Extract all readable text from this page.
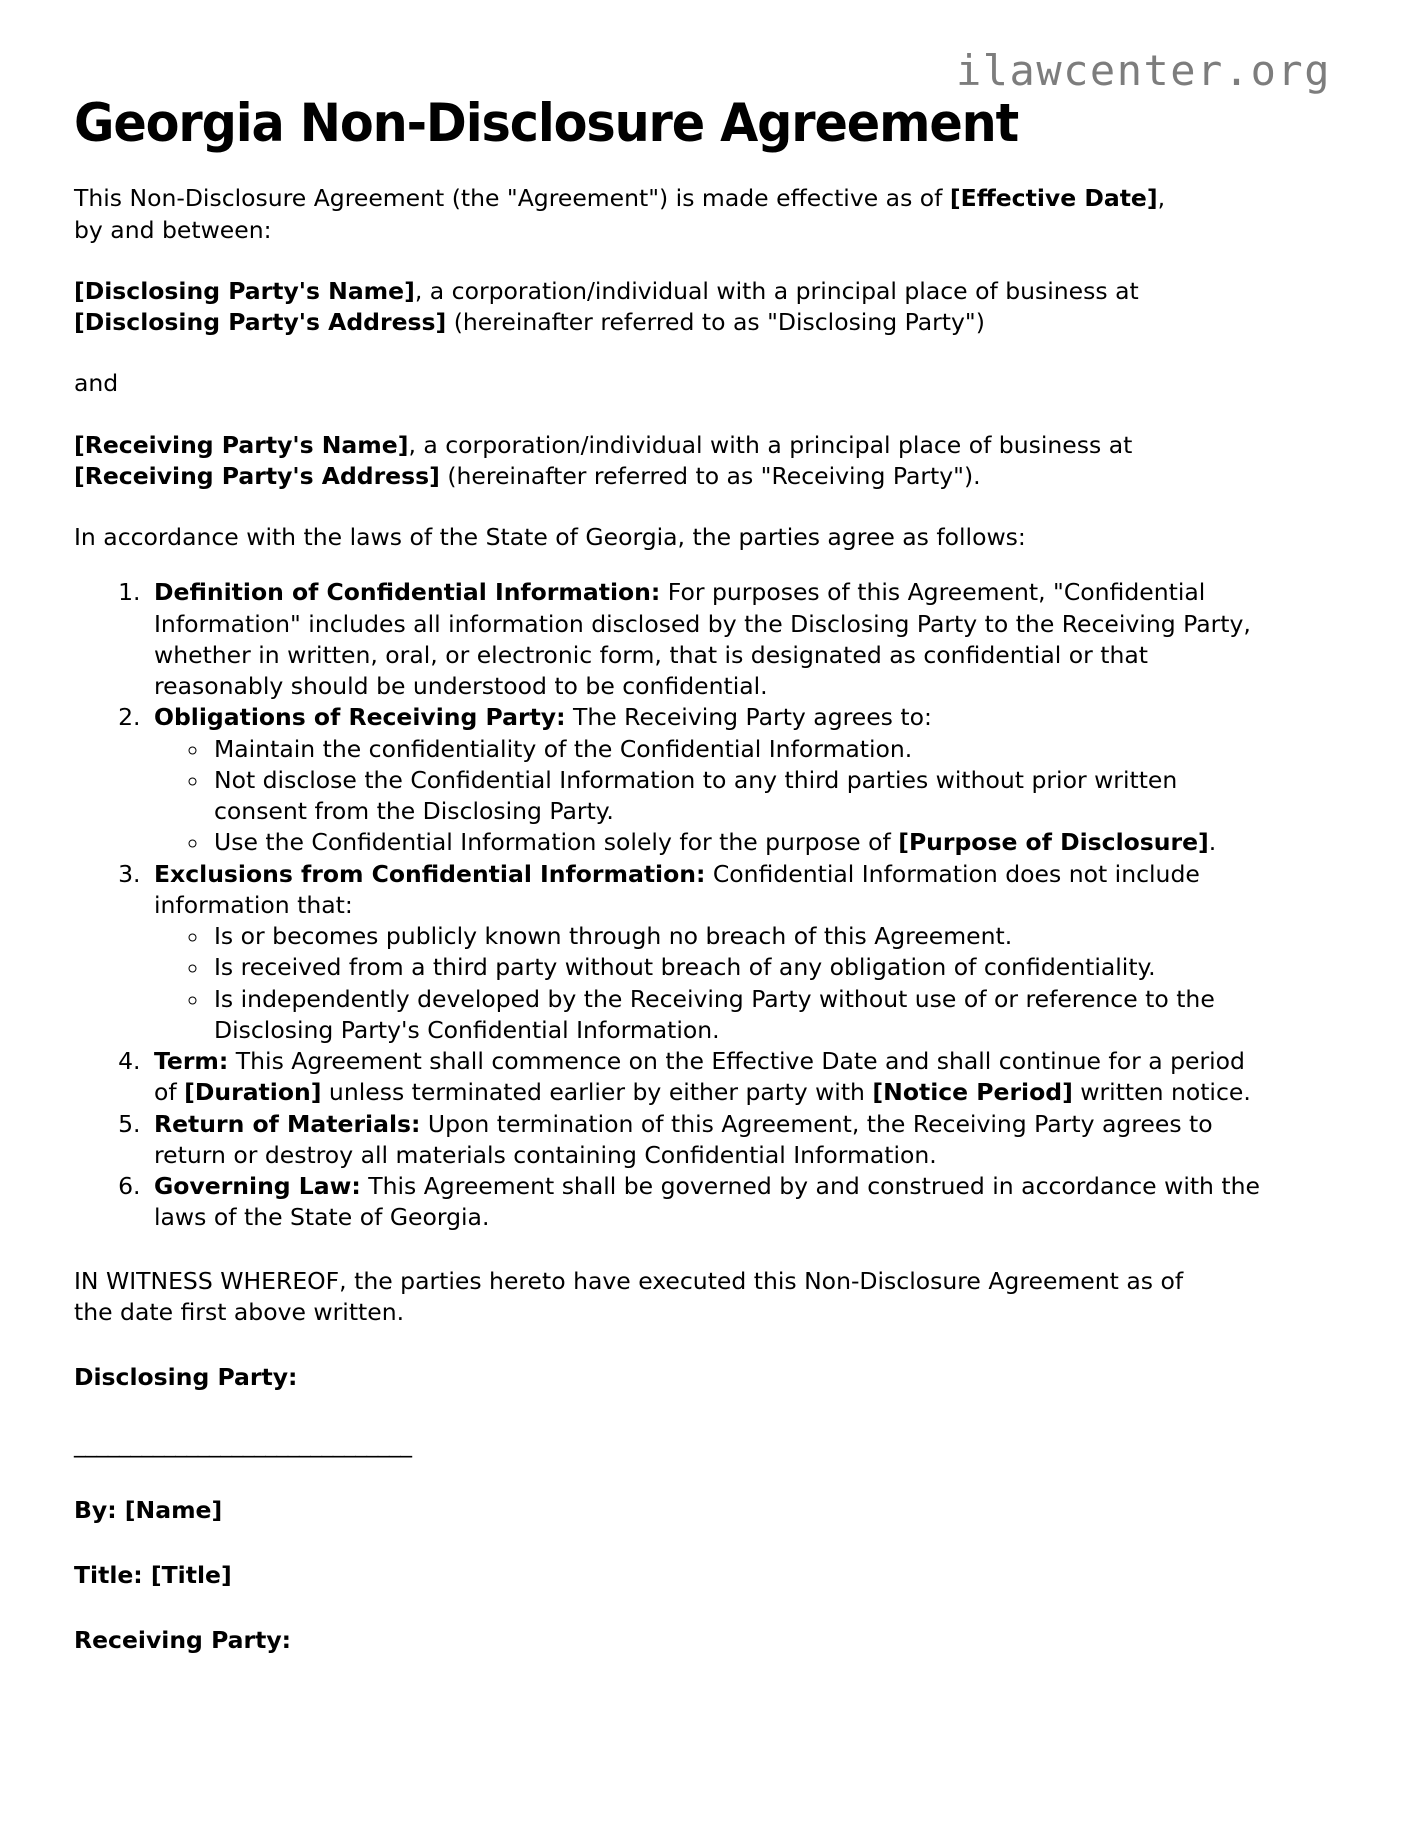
ilawcenter.org
Georgia Non-Disclosure Agreement

This Non-Disclosure Agreement (the "Agreement") is made effective as of [Effective Date], by and between:

[Disclosing Party's Name], a corporation/individual with a principal place of business at [Disclosing Party's Address] (hereinafter referred to as "Disclosing Party")

and

[Receiving Party's Name], a corporation/individual with a principal place of business at [Receiving Party's Address] (hereinafter referred to as "Receiving Party").

In accordance with the laws of the State of Georgia, the parties agree as follows:

1. Definition of Confidential Information: For purposes of this Agreement, "Confidential Information" includes all information disclosed by the Disclosing Party to the Receiving Party, whether in written, oral, or electronic form, that is designated as confidential or that reasonably should be understood to be confidential.
2. Obligations of Receiving Party: The Receiving Party agrees to:
◦ Maintain the confidentiality of the Confidential Information.
◦ Not disclose the Confidential Information to any third parties without prior written consent from the Disclosing Party.
◦ Use the Confidential Information solely for the purpose of [Purpose of Disclosure].
3. Exclusions from Confidential Information: Confidential Information does not include information that:
◦ Is or becomes publicly known through no breach of this Agreement.
◦ Is received from a third party without breach of any obligation of confidentiality.
◦ Is independently developed by the Receiving Party without use of or reference to the Disclosing Party's Confidential Information.
4. Term: This Agreement shall commence on the Effective Date and shall continue for a period of [Duration] unless terminated earlier by either party with [Notice Period] written notice.
5. Return of Materials: Upon termination of this Agreement, the Receiving Party agrees to return or destroy all materials containing Confidential Information.
6. Governing Law: This Agreement shall be governed by and construed in accordance with the laws of the State of Georgia.

IN WITNESS WHEREOF, the parties hereto have executed this Non-Disclosure Agreement as of the date first above written.

Disclosing Party:

______________________________

By: [Name]

Title: [Title]

Receiving Party:
